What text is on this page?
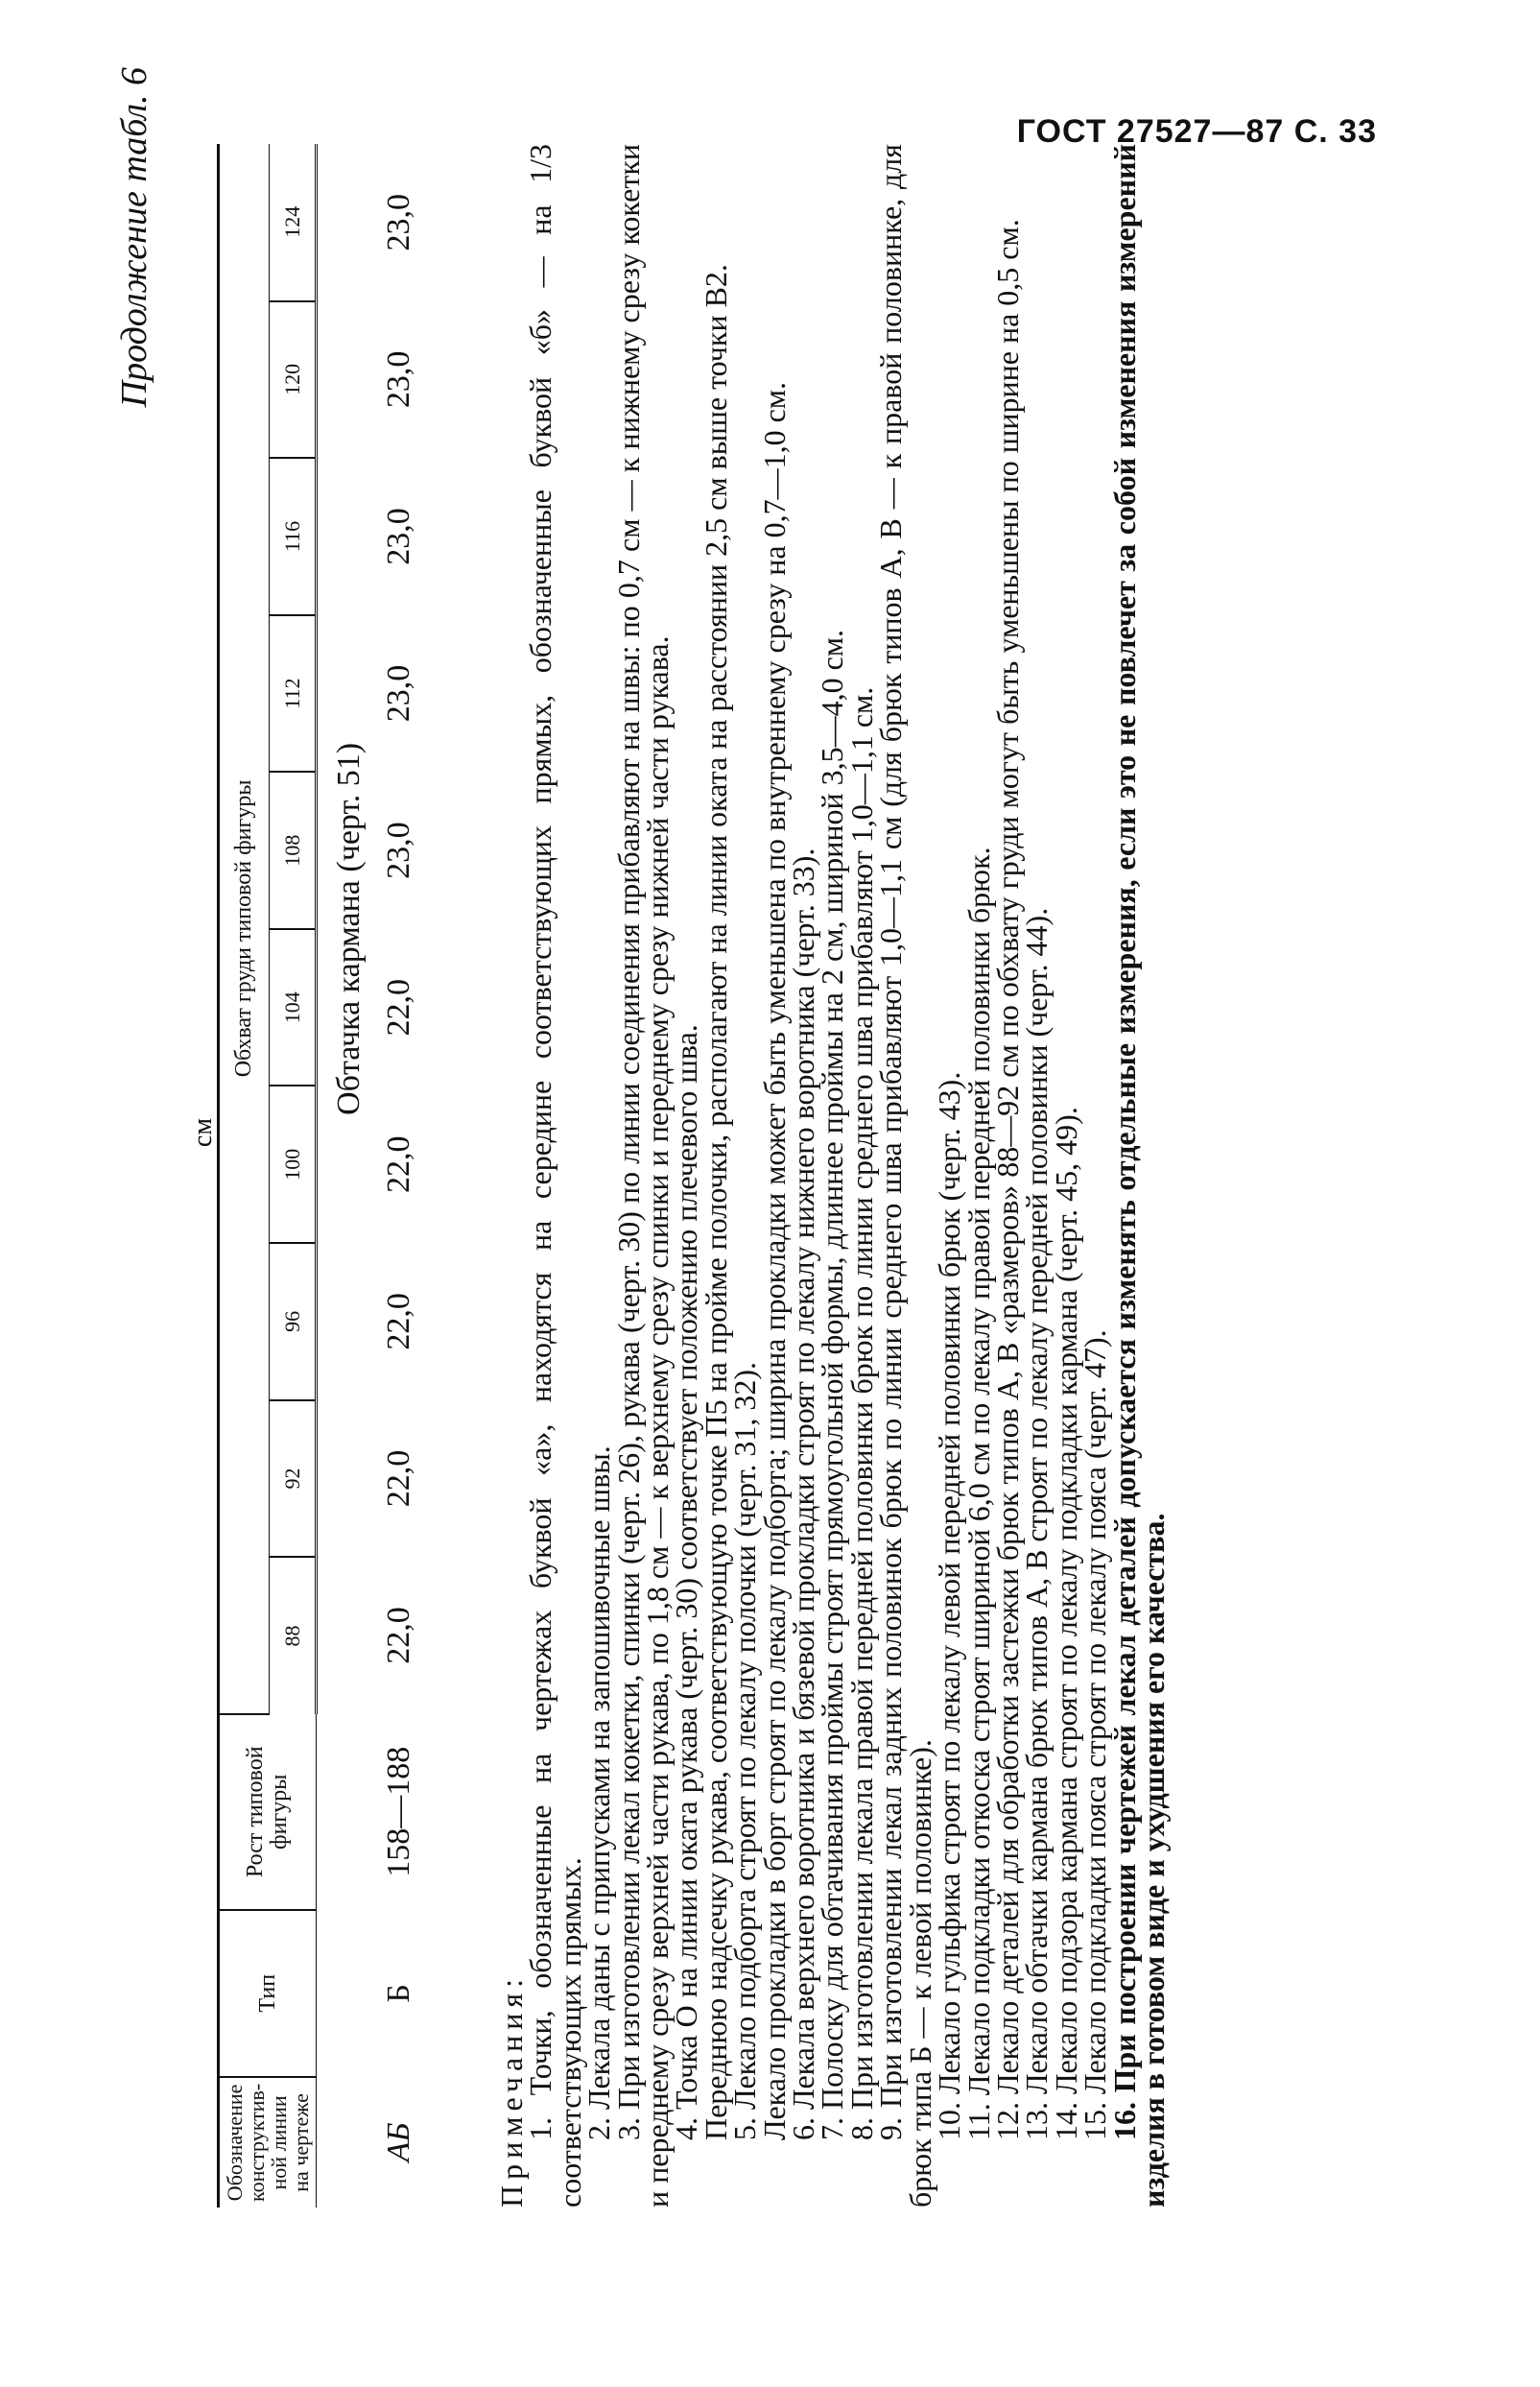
ГОСТ 27527—87 С. 33
Продолжение табл. 6
см
Обозначение конструктив-ной линии на чертеже	Тип	Рост типовой фигуры	Обхват груди типовой фигуры									
			88	92	96	100	104	108	112	116	120	124
			Обтачка кармана (черт. 51)									
АБ	Б	158—188	22,0	22,0	22,0	22,0	22,0	23,0	23,0	23,0	23,0	23,0

Примечания:

1. Точки, обозначенные на чертежах буквой «а», находятся на середине соответствующих прямых, обозначенные буквой «б» — на 1/3 соответствующих прямых.

2. Лекала даны с припусками на запошивочные швы.

3. При изготовлении лекал кокетки, спинки (черт. 26), рукава (черт. 30) по линии соединения прибавляют на швы: по 0,7 см — к нижнему срезу кокетки и переднему срезу верхней части рукава, по 1,8 см — к верхнему срезу спинки и переднему срезу нижней части рукава.

4. Точка О на линии оката рукава (черт. 30) соответствует положению плечевого шва.

Переднюю надсечку рукава, соответствующую точке П5 на пройме полочки, располагают на линии оката на расстоянии 2,5 см выше точки В2.

5. Лекало подборта строят по лекалу полочки (черт. 31, 32).

Лекало прокладки в борт строят по лекалу подборта; ширина прокладки может быть уменьшена по внутреннему срезу на 0,7—1,0 см.

6. Лекала верхнего воротника и бязевой прокладки строят по лекалу нижнего воротника (черт. 33).

7. Полоску для обтачивания проймы строят прямоугольной формы, длиннее проймы на 2 см, шириной 3,5—4,0 см.

8. При изготовлении лекала правой передней половинки брюк по линии среднего шва прибавляют 1,0—1,1 см.

9. При изготовлении лекал задних половинок брюк по линии среднего шва прибавляют 1,0—1,1 см (для брюк типов А, В — к правой половинке, для брюк типа Б — к левой половинке).

10. Лекало гульфика строят по лекалу левой передней половинки брюк (черт. 43).

11. Лекало подкладки откоска строят шириной 6,0 см по лекалу правой передней половинки брюк.

12. Лекало деталей для обработки застежки брюк типов А, В «размеров» 88—92 см по обхвату груди могут быть уменьшены по ширине на 0,5 см.

13. Лекало обтачки кармана брюк типов А, В строят по лекалу передней половинки (черт. 44).

14. Лекало подзора кармана строят по лекалу подкладки кармана (черт. 45, 49).

15. Лекало подкладки пояса строят по лекалу пояса (черт. 47).

16. При построении чертежей лекал деталей допускается изменять отдельные измерения, если это не повлечет за собой изменения измерений изделия в готовом виде и ухудшения его качества.
